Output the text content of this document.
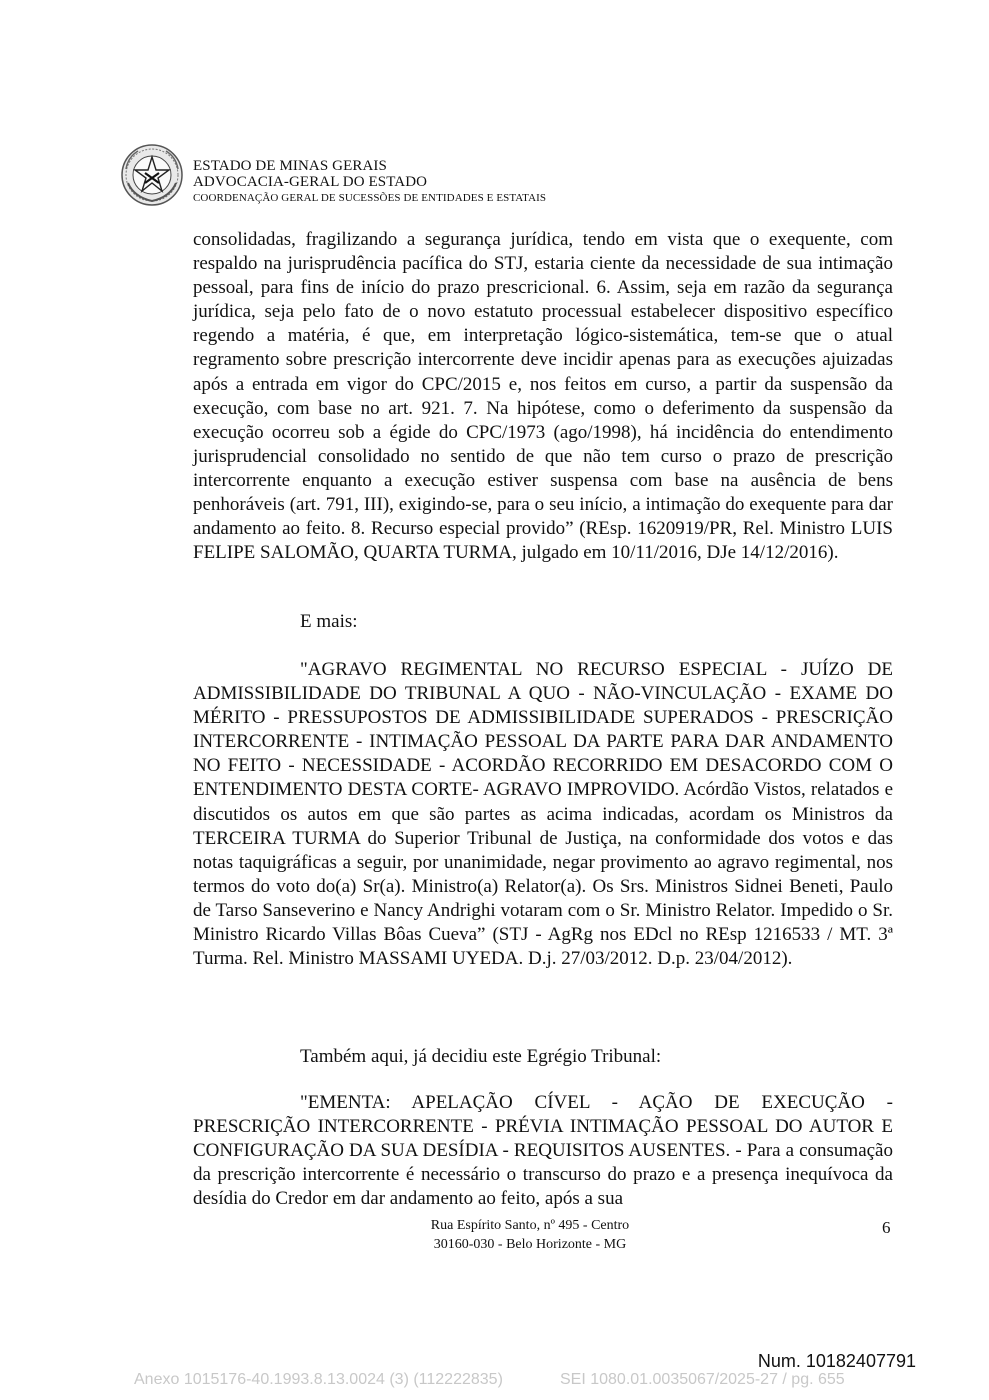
ESTADO DE MINAS GERAIS
ADVOCACIA-GERAL DO ESTADO
COORDENAÇÃO GERAL DE SUCESSÕES DE ENTIDADES E ESTATAIS

consolidadas, fragilizando a segurança jurídica, tendo em vista que o exequente, com respaldo na jurisprudência pacífica do STJ, estaria ciente da necessidade de sua intimação pessoal, para fins de início do prazo prescricional. 6. Assim, seja em razão da segurança jurídica, seja pelo fato de o novo estatuto processual estabelecer dispositivo específico regendo a matéria, é que, em interpretação lógico-sistemática, tem-se que o atual regramento sobre prescrição intercorrente deve incidir apenas para as execuções ajuizadas após a entrada em vigor do CPC/2015 e, nos feitos em curso, a partir da suspensão da execução, com base no art. 921. 7. Na hipótese, como o deferimento da suspensão da execução ocorreu sob a égide do CPC/1973 (ago/1998), há incidência do entendimento jurisprudencial consolidado no sentido de que não tem curso o prazo de prescrição intercorrente enquanto a execução estiver suspensa com base na ausência de bens penhoráveis (art. 791, III), exigindo-se, para o seu início, a intimação do exequente para dar andamento ao feito. 8. Recurso especial provido” (REsp. 1620919/PR, Rel. Ministro LUIS FELIPE SALOMÃO, QUARTA TURMA, julgado em 10/11/2016, DJe 14/12/2016).

E mais:

"AGRAVO REGIMENTAL NO RECURSO ESPECIAL - JUÍZO DE ADMISSIBILIDADE DO TRIBUNAL A QUO - NÃO-VINCULAÇÃO - EXAME DO MÉRITO - PRESSUPOSTOS DE ADMISSIBILIDADE SUPERADOS - PRESCRIÇÃO INTERCORRENTE - INTIMAÇÃO PESSOAL DA PARTE PARA DAR ANDAMENTO NO FEITO - NECESSIDADE - ACORDÃO RECORRIDO EM DESACORDO COM O ENTENDIMENTO DESTA CORTE- AGRAVO IMPROVIDO. Acórdão Vistos, relatados e discutidos os autos em que são partes as acima indicadas, acordam os Ministros da TERCEIRA TURMA do Superior Tribunal de Justiça, na conformidade dos votos e das notas taquigráficas a seguir, por unanimidade, negar provimento ao agravo regimental, nos termos do voto do(a) Sr(a). Ministro(a) Relator(a). Os Srs. Ministros Sidnei Beneti, Paulo de Tarso Sanseverino e Nancy Andrighi votaram com o Sr. Ministro Relator. Impedido o Sr. Ministro Ricardo Villas Bôas Cueva” (STJ - AgRg nos EDcl no REsp 1216533 / MT. 3ª Turma. Rel. Ministro MASSAMI UYEDA. D.j. 27/03/2012. D.p. 23/04/2012).

Também aqui, já decidiu este Egrégio Tribunal:

"EMENTA: APELAÇÃO CÍVEL - AÇÃO DE EXECUÇÃO - PRESCRIÇÃO INTERCORRENTE - PRÉVIA INTIMAÇÃO PESSOAL DO AUTOR E CONFIGURAÇÃO DA SUA DESÍDIA - REQUISITOS AUSENTES. - Para a consumação da prescrição intercorrente é necessário o transcurso do prazo e a presença inequívoca da desídia do Credor em dar andamento ao feito, após a sua

Rua Espírito Santo, nº 495 - Centro
30160-030 - Belo Horizonte - MG
6
Num. 10182407791
Anexo 1015176-40.1993.8.13.0024 (3) (112222835)	SEI 1080.01.0035067/2025-27 / pg. 655
